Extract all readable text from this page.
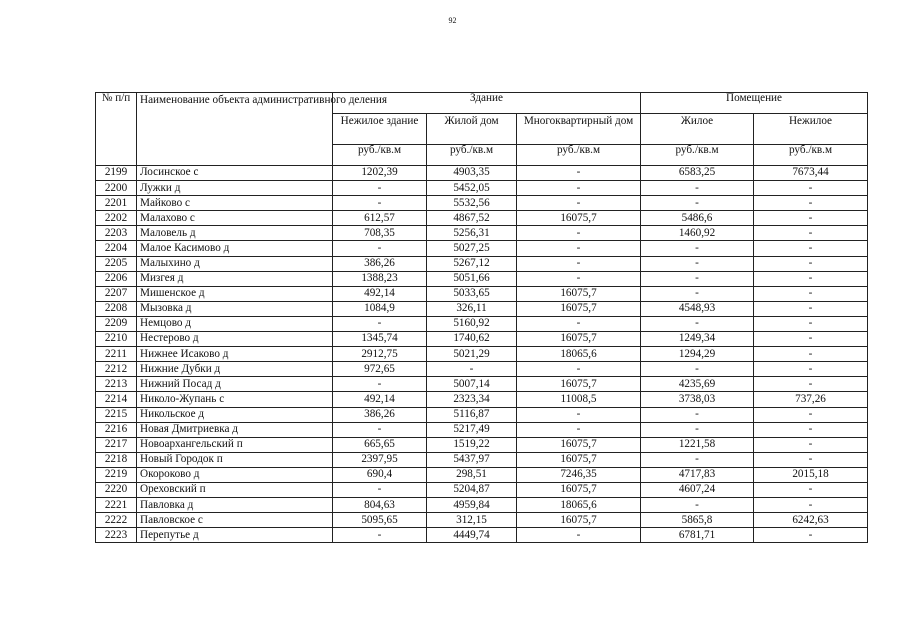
92
№ п/п	Наименование объекта административного деления	Здание			Помещение	
		Нежилое здание	Жилой дом	Многоквартирный дом	Жилое	Нежилое
		руб./кв.м	руб./кв.м	руб./кв.м	руб./кв.м	руб./кв.м
2199	Лосинское с	1202,39	4903,35	-	6583,25	7673,44
2200	Лужки д	-	5452,05	-	-	-
2201	Майково с	-	5532,56	-	-	-
2202	Малахово с	612,57	4867,52	16075,7	5486,6	-
2203	Маловель д	708,35	5256,31	-	1460,92	-
2204	Малое Касимово д	-	5027,25	-	-	-
2205	Малыхино д	386,26	5267,12	-	-	-
2206	Мизгея д	1388,23	5051,66	-	-	-
2207	Мишенское д	492,14	5033,65	16075,7	-	-
2208	Мызовка д	1084,9	326,11	16075,7	4548,93	-
2209	Немцово д	-	5160,92	-	-	-
2210	Нестерово д	1345,74	1740,62	16075,7	1249,34	-
2211	Нижнее Исаково д	2912,75	5021,29	18065,6	1294,29	-
2212	Нижние Дубки д	972,65	-	-	-	-
2213	Нижний Посад д	-	5007,14	16075,7	4235,69	-
2214	Николо-Жупань с	492,14	2323,34	11008,5	3738,03	737,26
2215	Никольское д	386,26	5116,87	-	-	-
2216	Новая Дмитриевка д	-	5217,49	-	-	-
2217	Новоархангельский п	665,65	1519,22	16075,7	1221,58	-
2218	Новый Городок п	2397,95	5437,97	16075,7	-	-
2219	Окороково д	690,4	298,51	7246,35	4717,83	2015,18
2220	Ореховский п	-	5204,87	16075,7	4607,24	-
2221	Павловка д	804,63	4959,84	18065,6	-	-
2222	Павловское с	5095,65	312,15	16075,7	5865,8	6242,63
2223	Перепутье д	-	4449,74	-	6781,71	-
